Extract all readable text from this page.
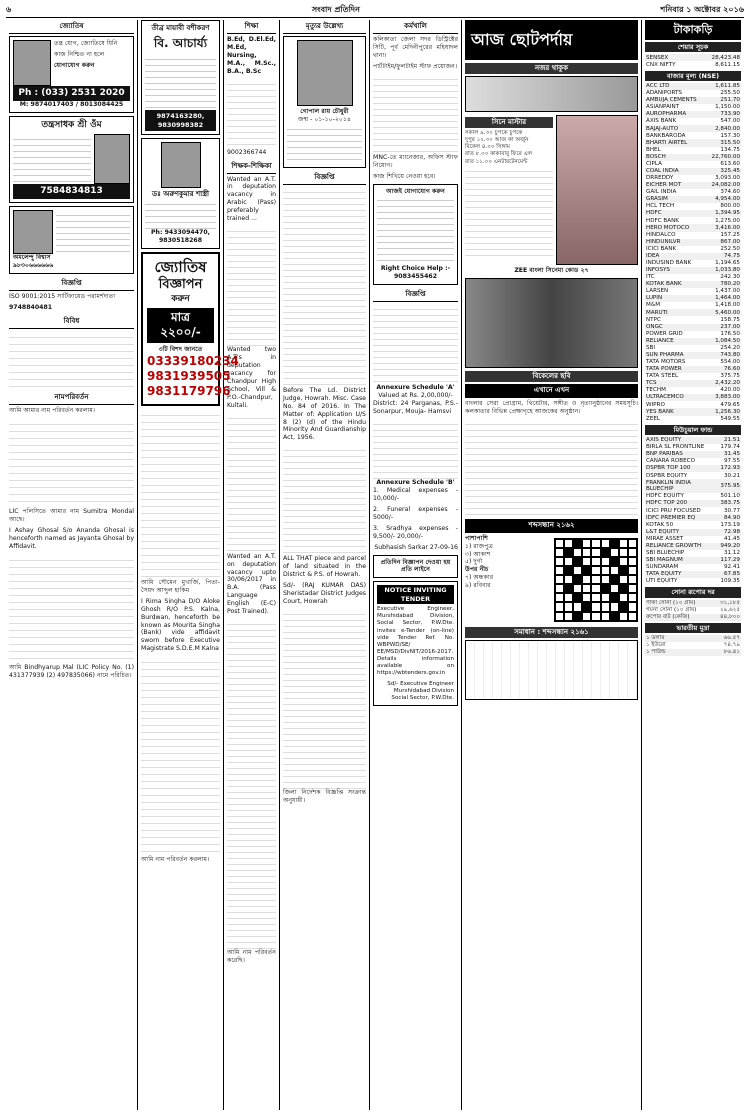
৬	সংবাদ প্রতিদিন	শনিবার ১ অক্টোবর ২০১৬
জ্যোতিষ
তন্ত্র যোগ, জ্যোতিষে যিনি
কাজ নিশ্চিত না হলে
যোগাযোগ করুন
Ph : (033) 2531 2020
M: 9874017403 / 8013084425
তন্ত্রসাধক শ্রী ওঁম
7584834813
অমলেন্দু বিশ্বাস
৯৮৩০৬৬৬৬৬৬
বিজ্ঞপ্তি
ISO 9001:2015 সার্টিফায়েড পরামর্শদাতা
9748840481
বিবিধ
নামপরিবর্তন
আমি আমার নাম পরিবর্তন করলাম।
LIC পলিসিতে আমার নাম Sumitra Mondal আছে।
I Ashay Ghosal S/o Ananda Ghosal is henceforth named as Jayanta Ghosal by Affidavit.
আমি Bindhyarup Mal (LIC Policy No. (1) 431377939 (2) 497835066) নামে পরিচিত।
তীব্র মায়াবী বশীকরণ
বি. আচার্য্য
9874163280, 9830998382
ডঃ অরুণকুমার শাস্ত্রী
Ph: 9433094470, 9830518268
জ্যোতিষ
বিজ্ঞাপন
করুন
মাত্র ২২০০/-
৩টি বিশদ জানতে
03339180234
9831939505
9831179796
আমি সৌমেন মুখার্জি, পিতা-সৈয়দ আব্দুল হাকিম
I Rima Singha D/O Aloke Ghosh R/O P.S. Kalna, Burdwan, henceforth be known as Mourita Singha (Bank) vide affidavit sworn before Executive Magistrate S.D.E.M Kalna
আমি নাম পরিবর্তন করলাম।
শিক্ষা
B.Ed, D.El.Ed, M.Ed, Nursing, M.A., M.Sc., B.A., B.Sc
9002366744
শিক্ষক-শিক্ষিকা
Wanted an A.T. in deputation vacancy in Arabic (Pass) preferably trained ...
Wanted two A.T's in deputation vacancy for Chandpur High School, Vill & P.O.-Chandpur, Kultali.
Wanted an A.T. on deputation vacancy upto 30/06/2017 in B.A. (Pass Language English (E-C) Post Trained).
আমি নাম পরিবর্তন করেছি।
মৃত্যুর উল্লেখ্য
গোপাল রায় চৌধুরী
জন্ম - ০১-১০-২০১৪
বিজ্ঞপ্তি
Before The Ld. District Judge, Howrah. Misc. Case No. 84 of 2016. In The Matter of: Application U/S 8 (2) (d) of the Hindu Minority And Guardianship Act, 1956.
ALL THAT piece and parcel of land situated in the District & P.S. of Howrah.
Sd/- (RAJ KUMAR DAS) Sheristadar District Judges Court, Howrah
জিলা নির্দেশক বিজ্ঞপ্তি সংক্রান্ত অনুযায়ী।
কর্মখালি
কলিকাতা জেলা সদর ডিস্ট্রিক্টের সিটি, পূর্ব মেদিনীপুরের মহিষাদল থানা।
পার্টটাইম/ফুলটাইম স্টাফ প্রয়োজন।
MNC-তে ম্যানেজার, অফিস স্টাফ নিয়োগ।
কাজ শিখিয়ে নেওয়া হবে।
আজই যোগাযোগ করুন
Right Choice Help :- 9083455462
বিজ্ঞপ্তি
Annexure Schedule 'A'
Valued at Rs. 2,00,000/-
District: 24 Parganas, P.S.-Sonarpur, Mouja- Hamsvi
Annexure Schedule 'B'
1. Medical expenses - 10,000/-
2. Funeral expenses - 5000/-
3. Sradhya expenses - 9,500/- 20,000/-
Subhasish Sarkar 27-09-16
প্রতিদিন বিজ্ঞাপন দেওয়া হয় প্রতি লাইনে
NOTICE INVITING TENDER
Executive Engineer, Murshidabad Division, Social Sector, P.W.Dte. invites e-Tender (on-line) vide Tender Ref. No. WBPWD/SE/ EE/MSD/DivNIT/2016-2017. Details information available on https://wbtenders.gov.in
Sd/- Executive Engineer Murshidabad Division Social Sector, P.W.Dte.
আজ ছোটপর্দায়
নজর থাকুক
সিনে মাস্টার
সকাল ৯.৩০ চুপকে চুপকে
দুপুর ১২.৩০ আজ কা অর্জুন
বিকেল ৪.০০ সিঙ্গাম
রাত ৮.০০ কাকাবাবু ফিরে এল
রাত ১১.০০ এনটারটেনমেন্ট
ZEE বাংলা সিনেমা কোড ২৭
বিকেলের ছবি
এখানে এখন
বাংলার সেরা প্রোগ্রাম, থিয়েটার, সঙ্গীত ও নৃত্যানুষ্ঠানের সময়সূচি। কলকাতার বিভিন্ন প্রেক্ষাগৃহে আজকের অনুষ্ঠান।
শব্দসন্ধান ২১৬২
পাশাপাশি
১) রাজপুত্র
৩) আকাশ
৫) দুর্গা
উপর নীচ
৭) অন্ধকার
৯) রবিবার
সমাধান : শব্দসন্ধান ২১৬১
টাকাকড়ি
শেয়ার সূচক
SENSEX	28,423.48
CNX NIFTY	8,611.15
বাজার মূল্য (NSE)
ACC LTD	1,611.85
ADANIPORTS	255.50
AMBUJA CEMENTS	251.70
ASIANPAINT	1,150.00
AUROPHARMA	733.90
AXIS BANK	547.00
BAJAJ-AUTO	2,840.00
BANKBARODA	157.30
BHARTI AIRTEL	315.50
BHEL	134.75
BOSCH	22,760.00
CIPLA	613.60
COAL INDIA	325.45
DRREDDY	3,093.00
EICHER MOT	24,082.00
GAIL INDIA	374.60
GRASIM	4,954.00
HCL TECH	800.00
HDFC	1,394.95
HDFC BANK	1,275.00
HERO MOTOCO	3,416.00
HINDALCO	157.25
HINDUNILVR	867.00
ICICI BANK	252.50
IDEA	74.75
INDUSIND BANK	1,194.65
INFOSYS	1,033.80
ITC	242.30
KOTAK BANK	780.20
LARSEN	1,437.00
LUPIN	1,464.00
M&M	1,418.00
MARUTI	5,460.00
NTPC	158.75
ONGC	237.00
POWER GRID	176.50
RELIANCE	1,084.50
SBI	254.20
SUN PHARMA	743.80
TATA MOTORS	554.00
TATA POWER	76.60
TATA STEEL	375.75
TCS	2,432.20
TECHM	420.00
ULTRACEMCO	3,883.00
WIPRO	479.65
YES BANK	1,256.30
ZEEL	549.55
মিউচুয়াল ফান্ড
AXIS EQUITY	21.51
BIRLA SL FRONTLINE	179.74
BNP PARIBAS	31.45
CANARA ROBECO	97.55
DSPBR TOP 100	172.93
DSPBR EQUITY	30.21
FRANKLIN INDIA BLUECHIP	375.95
HDFC EQUITY	501.10
HDFC TOP 200	383.75
ICICI PRU FOCUSED	30.77
IDFC PREMIER EQ	84.90
KOTAK 50	173.19
L&T EQUITY	72.98
MIRAE ASSET	41.45
RELIANCE GROWTH	949.20
SBI BLUECHIP	31.12
SBI MAGNUM	117.29
SUNDARAM	92.41
TATA EQUITY	67.85
UTI EQUITY	109.35
সোনা রূপোর দর
পাকা সোনা (১০ গ্রাম)	৩১,১৮৫
গয়না সোনা (১০ গ্রাম)	২৯,৬২৫
রুপোর বাট (কেজি)	৪৪,৮০০
ভারতীয় মুদ্রা
১ ডলার	৬৬.৫৭
১ ইউরো	৭৪.৭৯
১ পাউন্ড	৮৬.৪১
